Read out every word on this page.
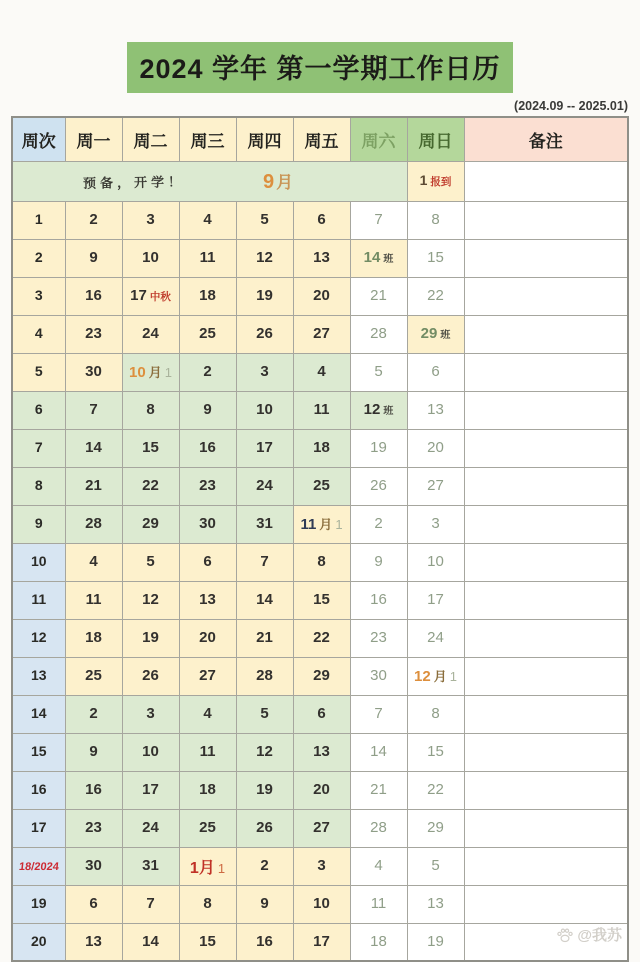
2024 学年 第一学期工作日历
(2024.09 -- 2025.01)
周次	周一	周二	周三	周四	周五	周六	周日	备注

预备，开学！ 9 月							1 报到	
1	2	3	4	5	6	7	8	
2	9	10	11	12	13	14 班	15	
3	16	17 中秋	18	19	20	21	22	
4	23	24	25	26	27	28	29 班	
5	30	10 月 1	2	3	4	5	6	
6	7	8	9	10	11	12 班	13	
7	14	15	16	17	18	19	20	
8	21	22	23	24	25	26	27	
9	28	29	30	31	11 月 1	2	3	
10	4	5	6	7	8	9	10	
11	11	12	13	14	15	16	17	
12	18	19	20	21	22	23	24	
13	25	26	27	28	29	30	12 月 1	
14	2	3	4	5	6	7	8	
15	9	10	11	12	13	14	15	
16	16	17	18	19	20	21	22	
17	23	24	25	26	27	28	29	
18/2024	30	31	1月 1	2	3	4	5	
19	6	7	8	9	10	11	13	
20	13	14	15	16	17	18	19		@我苏
